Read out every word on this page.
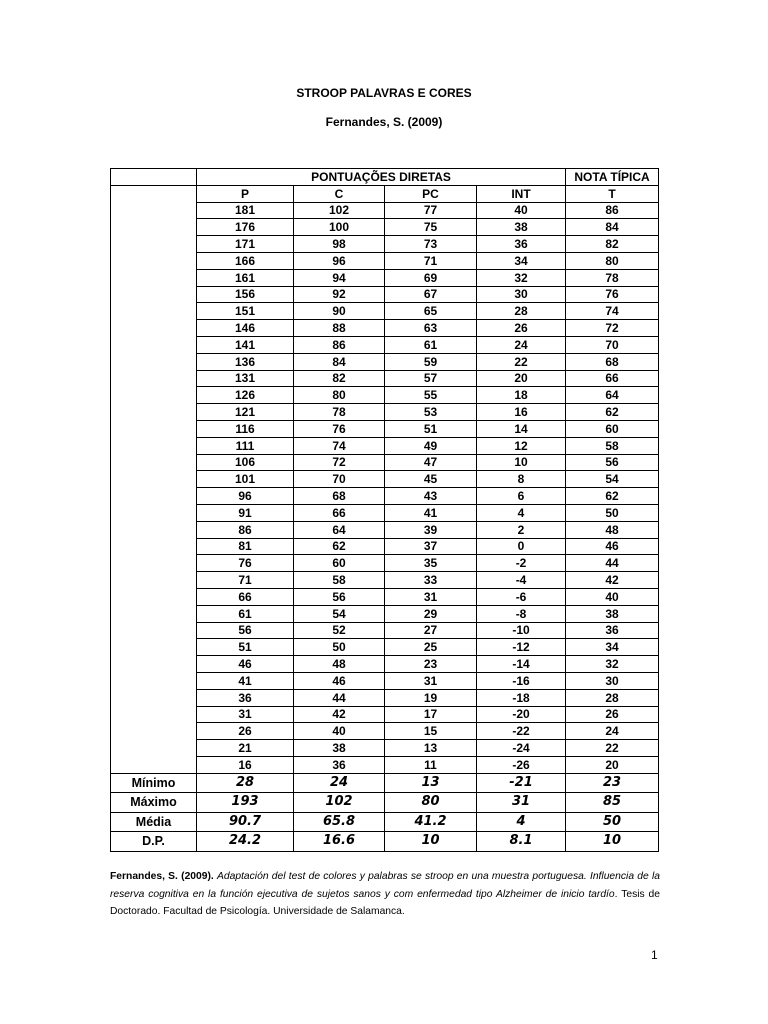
STROOP PALAVRAS E CORES
Fernandes, S. (2009)
	PONTUAÇÕES DIRETAS				NOTA TÍPICA
	P	C	PC	INT	T
	181	102	77	40	86
	176	100	75	38	84
	171	98	73	36	82
	166	96	71	34	80
	161	94	69	32	78
	156	92	67	30	76
	151	90	65	28	74
	146	88	63	26	72
	141	86	61	24	70
	136	84	59	22	68
	131	82	57	20	66
	126	80	55	18	64
	121	78	53	16	62
	116	76	51	14	60
	111	74	49	12	58
	106	72	47	10	56
	101	70	45	8	54
	96	68	43	6	62
	91	66	41	4	50
	86	64	39	2	48
	81	62	37	0	46
	76	60	35	-2	44
	71	58	33	-4	42
	66	56	31	-6	40
	61	54	29	-8	38
	56	52	27	-10	36
	51	50	25	-12	34
	46	48	23	-14	32
	41	46	31	-16	30
	36	44	19	-18	28
	31	42	17	-20	26
	26	40	15	-22	24
	21	38	13	-24	22
	16	36	11	-26	20
Mínimo	28	24	13	-21	23
Máximo	193	102	80	31	85
Média	90.7	65.8	41.2	4	50
D.P.	24.2	16.6	10	8.1	10
Fernandes, S. (2009). Adaptación del test de colores y palabras se stroop en una muestra portuguesa. Influencia de la reserva cognitiva en la función ejecutiva de sujetos sanos y com enfermedad tipo Alzheimer de inicio tardío. Tesis de Doctorado. Facultad de Psicología. Universidade de Salamanca.
1
